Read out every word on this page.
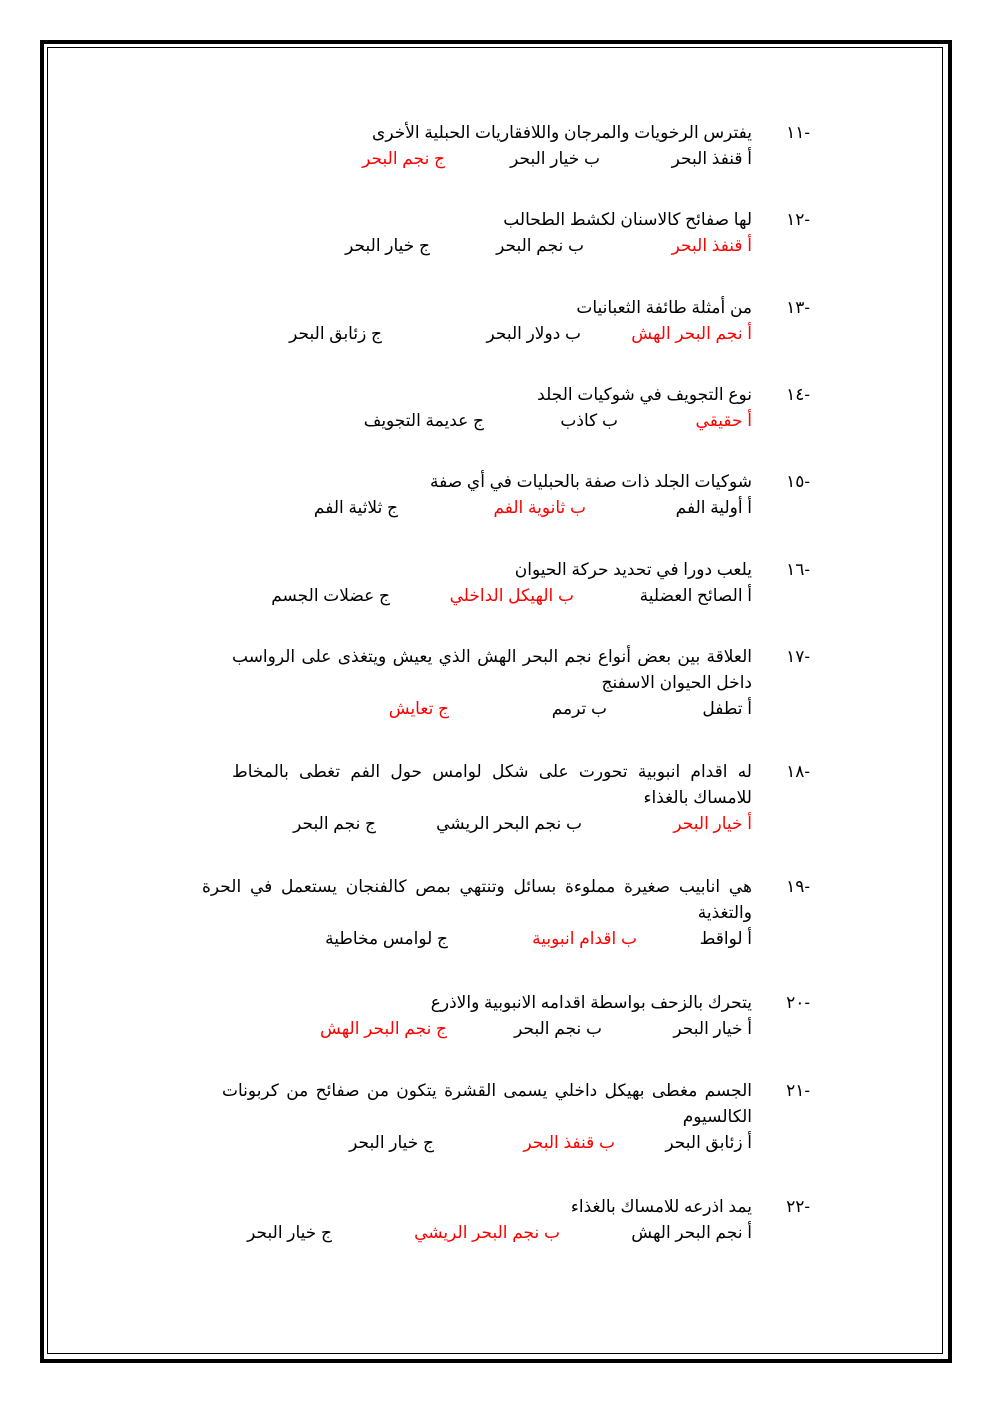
-١١
يفترس الرخويات والمرجان واللافقاريات الحبلية الأخرى
أ قنفذ البحر
ب خيار البحر
ج نجم البحر
-١٢
لها صفائح كالاسنان لكشط الطحالب
أ قنفذ البحر
ب نجم البحر
ج خيار البحر
-١٣
من أمثلة طائفة الثعبانيات
أ نجم البحر الهش
ب دولار البحر
ج زئابق البحر
-١٤
نوع التجويف في شوكيات الجلد
أ حقيقي
ب كاذب
ج عديمة التجويف
-١٥
شوكيات الجلد ذات صفة بالحبليات في أي صفة
أ أولية الفم
ب ثانوية الفم
ج ثلاثية الفم
-١٦
يلعب دورا في تحديد حركة الحيوان
أ الصائح العضلية
ب الهيكل الداخلي
ج عضلات الجسم
-١٧
العلاقة بين بعض أنواع نجم البحر الهش الذي يعيش ويتغذى على الرواسب داخل الحيوان الاسفنج
أ تطفل
ب ترمم
ج تعايش
-١٨
له اقدام انبوبية تحورت على شكل لوامس حول الفم تغطى بالمخاط للامساك بالغذاء
أ خيار البحر
ب نجم البحر الريشي
ج نجم البحر
-١٩
هي انابيب صغيرة مملوءة بسائل وتنتهي بمص كالفنجان يستعمل في الحرة والتغذية
أ لواقط
ب اقدام انبوبية
ج لوامس مخاطية
-٢٠
يتحرك بالزحف بواسطة اقدامه الانبوبية والاذرع
أ خيار البحر
ب نجم البحر
ج نجم البحر الهش
-٢١
الجسم مغطى بهيكل داخلي يسمى القشرة يتكون من صفائح من كربونات الكالسيوم
أ زئابق البحر
ب قنفذ البحر
ج خيار البحر
-٢٢
يمد اذرعه للامساك بالغذاء
أ نجم البحر الهش
ب نجم البحر الريشي
ج خيار البحر
